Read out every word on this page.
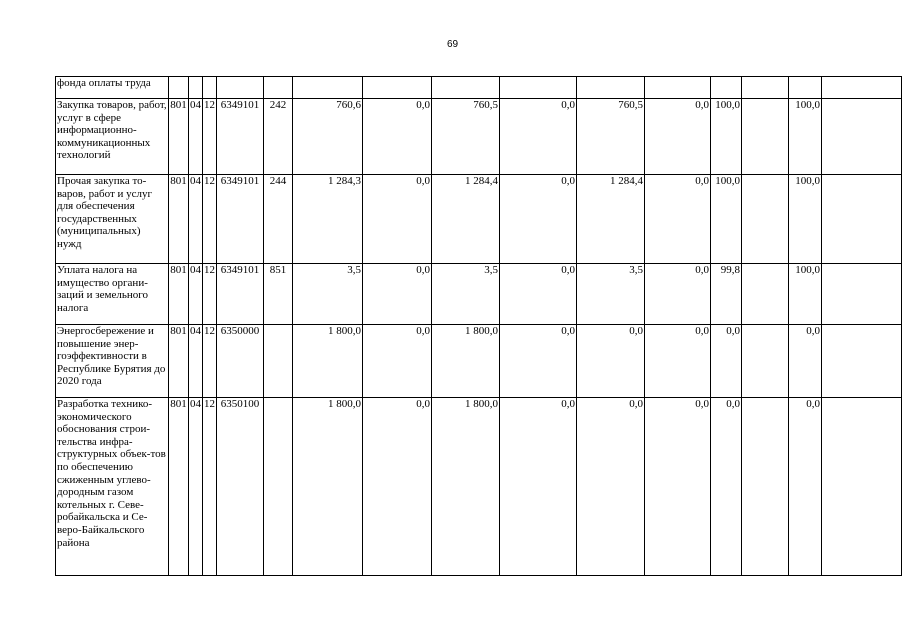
69
фонда оплаты труда															
Закупка товаров, работ, услуг в сфере информационно-коммуникационных технологий	801	04	12	6349101	242	760,6	0,0	760,5	0,0	760,5	0,0	100,0		100,0	
Прочая закупка то-варов, работ и услуг для обеспечения государственных (муниципальных) нужд	801	04	12	6349101	244	1 284,3	0,0	1 284,4	0,0	1 284,4	0,0	100,0		100,0	
Уплата налога на имущество органи-заций и земельного налога	801	04	12	6349101	851	3,5	0,0	3,5	0,0	3,5	0,0	99,8		100,0	
Энергосбережение и повышение энер-гоэффективности в Республике Бурятия до 2020 года	801	04	12	6350000		1 800,0	0,0	1 800,0	0,0	0,0	0,0	0,0		0,0	
Разработка технико-экономического обоснования строи-тельства инфра-структурных объек-тов по обеспечению сжиженным углево-дородным газом котельных г. Севе-робайкальска и Се-веро-Байкальского района	801	04	12	6350100		1 800,0	0,0	1 800,0	0,0	0,0	0,0	0,0		0,0	
